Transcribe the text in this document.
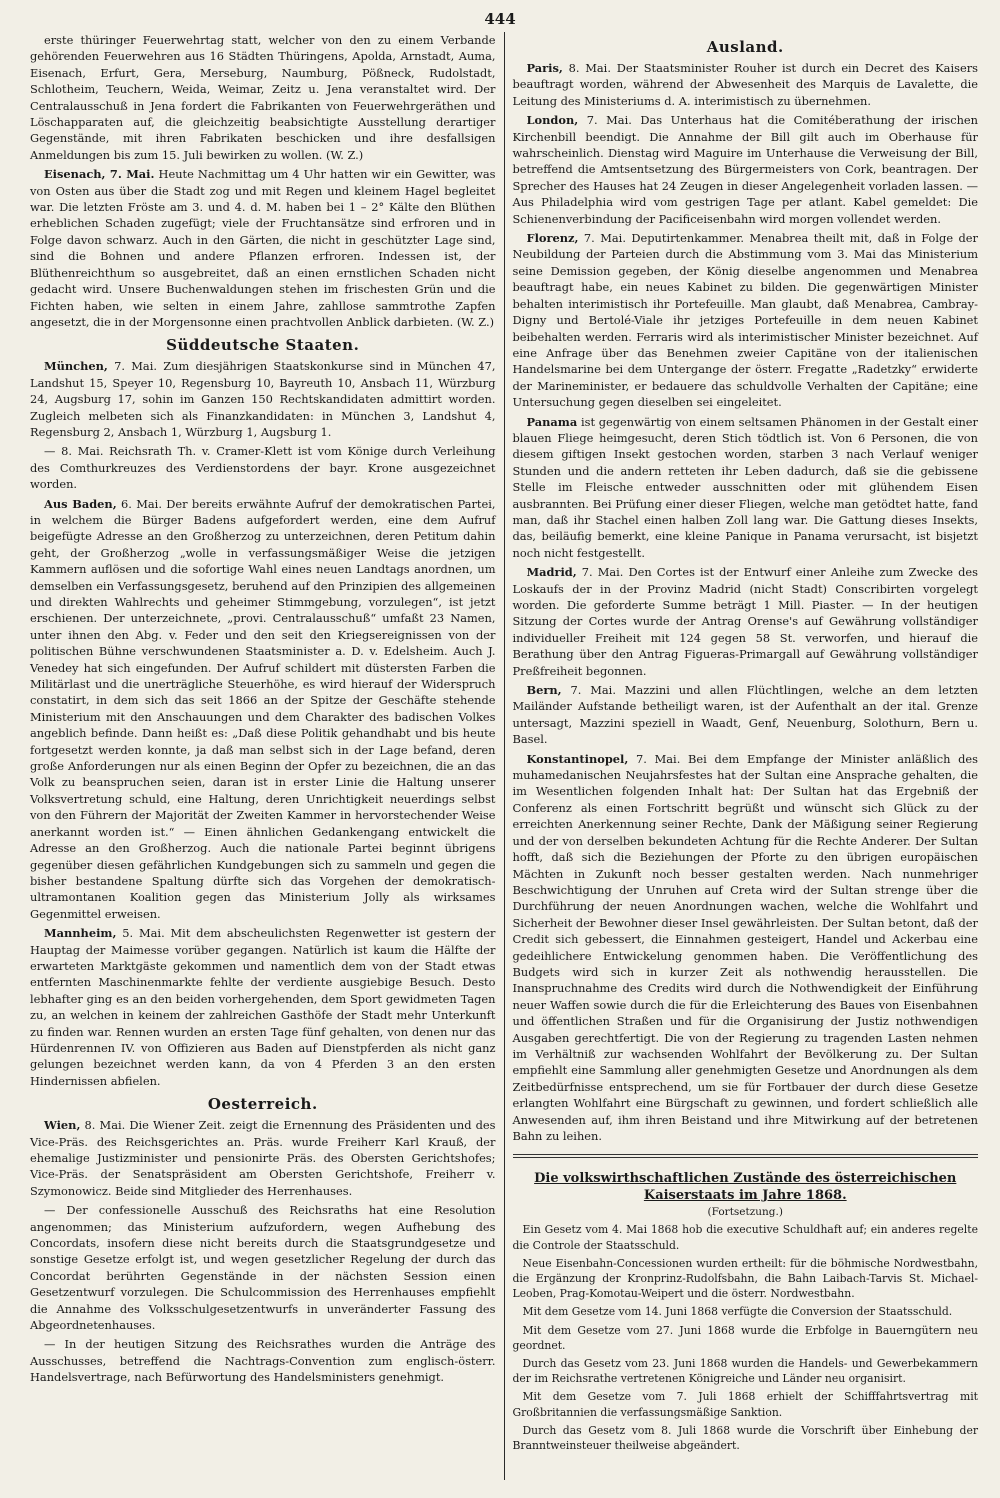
444

erste thüringer Feuerwehrtag statt, welcher von den zu einem Verbande gehörenden Feuerwehren aus 16 Städten Thüringens, Apolda, Arnstadt, Auma, Eisenach, Erfurt, Gera, Merseburg, Naumburg, Pößneck, Rudolstadt, Schlotheim, Teuchern, Weida, Weimar, Zeitz u. Jena veranstaltet wird. Der Centralausschuß in Jena fordert die Fabrikanten von Feuerwehrgeräthen und Löschapparaten auf, die gleichzeitig beabsichtigte Ausstellung derartiger Gegenstände, mit ihren Fabrikaten beschicken und ihre desfallsigen Anmeldungen bis zum 15. Juli bewirken zu wollen. (W. Z.)

Eisenach, 7. Mai. Heute Nachmittag um 4 Uhr hatten wir ein Gewitter, was von Osten aus über die Stadt zog und mit Regen und kleinem Hagel begleitet war. Die letzten Fröste am 3. und 4. d. M. haben bei 1 – 2° Kälte den Blüthen erheblichen Schaden zugefügt; viele der Fruchtansätze sind erfroren und in Folge davon schwarz. Auch in den Gärten, die nicht in geschützter Lage sind, sind die Bohnen und andere Pflanzen erfroren. Indessen ist, der Blüthenreichthum so ausgebreitet, daß an einen ernstlichen Schaden nicht gedacht wird. Unsere Buchenwaldungen stehen im frischesten Grün und die Fichten haben, wie selten in einem Jahre, zahllose sammtrothe Zapfen angesetzt, die in der Morgensonne einen prachtvollen Anblick darbieten. (W. Z.)

Süddeutsche Staaten.

München, 7. Mai. Zum diesjährigen Staatskonkurse sind in München 47, Landshut 15, Speyer 10, Regensburg 10, Bayreuth 10, Ansbach 11, Würzburg 24, Augsburg 17, sohin im Ganzen 150 Rechtskandidaten admittirt worden. Zugleich melbeten sich als Finanzkandidaten: in München 3, Landshut 4, Regensburg 2, Ansbach 1, Würzburg 1, Augsburg 1.

— 8. Mai. Reichsrath Th. v. Cramer-Klett ist vom Könige durch Verleihung des Comthurkreuzes des Verdienstordens der bayr. Krone ausgezeichnet worden.

Aus Baden, 6. Mai. Der bereits erwähnte Aufruf der demokratischen Partei, in welchem die Bürger Badens aufgefordert werden, eine dem Aufruf beigefügte Adresse an den Großherzog zu unterzeichnen, deren Petitum dahin geht, der Großherzog „wolle in verfassungsmäßiger Weise die jetzigen Kammern auflösen und die sofortige Wahl eines neuen Landtags anordnen, um demselben ein Verfassungsgesetz, beruhend auf den Prinzipien des allgemeinen und direkten Wahlrechts und geheimer Stimmgebung, vorzulegen“, ist jetzt erschienen. Der unterzeichnete, „provi. Centralausschuß“ umfaßt 23 Namen, unter ihnen den Abg. v. Feder und den seit den Kriegsereignissen von der politischen Bühne verschwundenen Staatsminister a. D. v. Edelsheim. Auch J. Venedey hat sich eingefunden. Der Aufruf schildert mit düstersten Farben die Militärlast und die unerträgliche Steuerhöhe, es wird hierauf der Widerspruch constatirt, in dem sich das seit 1866 an der Spitze der Geschäfte stehende Ministerium mit den Anschauungen und dem Charakter des badischen Volkes angeblich befinde. Dann heißt es: „Daß diese Politik gehandhabt und bis heute fortgesetzt werden konnte, ja daß man selbst sich in der Lage befand, deren große Anforderungen nur als einen Beginn der Opfer zu bezeichnen, die an das Volk zu beanspruchen seien, daran ist in erster Linie die Haltung unserer Volksvertretung schuld, eine Haltung, deren Unrichtigkeit neuerdings selbst von den Führern der Majorität der Zweiten Kammer in hervorstechender Weise anerkannt worden ist.“ — Einen ähnlichen Gedankengang entwickelt die Adresse an den Großherzog. Auch die nationale Partei beginnt übrigens gegenüber diesen gefährlichen Kundgebungen sich zu sammeln und gegen die bisher bestandene Spaltung dürfte sich das Vorgehen der demokratisch-ultramontanen Koalition gegen das Ministerium Jolly als wirksames Gegenmittel erweisen.

Mannheim, 5. Mai. Mit dem abscheulichsten Regenwetter ist gestern der Hauptag der Maimesse vorüber gegangen. Natürlich ist kaum die Hälfte der erwarteten Marktgäste gekommen und namentlich dem von der Stadt etwas entfernten Maschinenmarkte fehlte der verdiente ausgiebige Besuch. Desto lebhafter ging es an den beiden vorhergehenden, dem Sport gewidmeten Tagen zu, an welchen in keinem der zahlreichen Gasthöfe der Stadt mehr Unterkunft zu finden war. Rennen wurden an ersten Tage fünf gehalten, von denen nur das Hürdenrennen IV. von Offizieren aus Baden auf Dienstpferden als nicht ganz gelungen bezeichnet werden kann, da von 4 Pferden 3 an den ersten Hindernissen abfielen.

Oesterreich.

Wien, 8. Mai. Die Wiener Zeit. zeigt die Ernennung des Präsidenten und des Vice-Präs. des Reichsgerichtes an. Präs. wurde Freiherr Karl Krauß, der ehemalige Justizminister und pensionirte Präs. des Obersten Gerichtshofes; Vice-Präs. der Senatspräsident am Obersten Gerichtshofe, Freiherr v. Szymonowicz. Beide sind Mitglieder des Herrenhauses.

— Der confessionelle Ausschuß des Reichsraths hat eine Resolution angenommen; das Ministerium aufzufordern, wegen Aufhebung des Concordats, insofern diese nicht bereits durch die Staatsgrundgesetze und sonstige Gesetze erfolgt ist, und wegen gesetzlicher Regelung der durch das Concordat berührten Gegenstände in der nächsten Session einen Gesetzentwurf vorzulegen. Die Schulcommission des Herrenhauses empfiehlt die Annahme des Volksschulgesetzentwurfs in unveränderter Fassung des Abgeordnetenhauses.

— In der heutigen Sitzung des Reichsrathes wurden die Anträge des Ausschusses, betreffend die Nachtrags-Convention zum englisch-österr. Handelsvertrage, nach Befürwortung des Handelsministers genehmigt.

Ausland.

Paris, 8. Mai. Der Staatsminister Rouher ist durch ein Decret des Kaisers beauftragt worden, während der Abwesenheit des Marquis de Lavalette, die Leitung des Ministeriums d. A. interimistisch zu übernehmen.

London, 7. Mai. Das Unterhaus hat die Comitéberathung der irischen Kirchenbill beendigt. Die Annahme der Bill gilt auch im Oberhause für wahrscheinlich. Dienstag wird Maguire im Unterhause die Verweisung der Bill, betreffend die Amtsentsetzung des Bürgermeisters von Cork, beantragen. Der Sprecher des Hauses hat 24 Zeugen in dieser Angelegenheit vorladen lassen. — Aus Philadelphia wird vom gestrigen Tage per atlant. Kabel gemeldet: Die Schienenverbindung der Pacificeisenbahn wird morgen vollendet werden.

Florenz, 7. Mai. Deputirtenkammer. Menabrea theilt mit, daß in Folge der Neubildung der Parteien durch die Abstimmung vom 3. Mai das Ministerium seine Demission gegeben, der König dieselbe angenommen und Menabrea beauftragt habe, ein neues Kabinet zu bilden. Die gegenwärtigen Minister behalten interimistisch ihr Portefeuille. Man glaubt, daß Menabrea, Cambray-Digny und Bertolé-Viale ihr jetziges Portefeuille in dem neuen Kabinet beibehalten werden. Ferraris wird als interimistischer Minister bezeichnet. Auf eine Anfrage über das Benehmen zweier Capitäne von der italienischen Handelsmarine bei dem Untergange der österr. Fregatte „Radetzky“ erwiderte der Marineminister, er bedauere das schuldvolle Verhalten der Capitäne; eine Untersuchung gegen dieselben sei eingeleitet.

Panama ist gegenwärtig von einem seltsamen Phänomen in der Gestalt einer blauen Fliege heimgesucht, deren Stich tödtlich ist. Von 6 Personen, die von diesem giftigen Insekt gestochen worden, starben 3 nach Verlauf weniger Stunden und die andern retteten ihr Leben dadurch, daß sie die gebissene Stelle im Fleische entweder ausschnitten oder mit glühendem Eisen ausbrannten. Bei Prüfung einer dieser Fliegen, welche man getödtet hatte, fand man, daß ihr Stachel einen halben Zoll lang war. Die Gattung dieses Insekts, das, beiläufig bemerkt, eine kleine Panique in Panama verursacht, ist bisjetzt noch nicht festgestellt.

Madrid, 7. Mai. Den Cortes ist der Entwurf einer Anleihe zum Zwecke des Loskaufs der in der Provinz Madrid (nicht Stadt) Conscribirten vorgelegt worden. Die geforderte Summe beträgt 1 Mill. Piaster. — In der heutigen Sitzung der Cortes wurde der Antrag Orense's auf Gewährung vollständiger individueller Freiheit mit 124 gegen 58 St. verworfen, und hierauf die Berathung über den Antrag Figueras-Primargall auf Gewährung vollständiger Preßfreiheit begonnen.

Bern, 7. Mai. Mazzini und allen Flüchtlingen, welche an dem letzten Mailänder Aufstande betheiligt waren, ist der Aufenthalt an der ital. Grenze untersagt, Mazzini speziell in Waadt, Genf, Neuenburg, Solothurn, Bern u. Basel.

Konstantinopel, 7. Mai. Bei dem Empfange der Minister anläßlich des muhamedanischen Neujahrsfestes hat der Sultan eine Ansprache gehalten, die im Wesentlichen folgenden Inhalt hat: Der Sultan hat das Ergebniß der Conferenz als einen Fortschritt begrüßt und wünscht sich Glück zu der erreichten Anerkennung seiner Rechte, Dank der Mäßigung seiner Regierung und der von derselben bekundeten Achtung für die Rechte Anderer. Der Sultan hofft, daß sich die Beziehungen der Pforte zu den übrigen europäischen Mächten in Zukunft noch besser gestalten werden. Nach nunmehriger Beschwichtigung der Unruhen auf Creta wird der Sultan strenge über die Durchführung der neuen Anordnungen wachen, welche die Wohlfahrt und Sicherheit der Bewohner dieser Insel gewährleisten. Der Sultan betont, daß der Credit sich gebessert, die Einnahmen gesteigert, Handel und Ackerbau eine gedeihlichere Entwickelung genommen haben. Die Veröffentlichung des Budgets wird sich in kurzer Zeit als nothwendig herausstellen. Die Inanspruchnahme des Credits wird durch die Nothwendigkeit der Einführung neuer Waffen sowie durch die für die Erleichterung des Baues von Eisenbahnen und öffentlichen Straßen und für die Organisirung der Justiz nothwendigen Ausgaben gerechtfertigt. Die von der Regierung zu tragenden Lasten nehmen im Verhältniß zur wachsenden Wohlfahrt der Bevölkerung zu. Der Sultan empfiehlt eine Sammlung aller genehmigten Gesetze und Anordnungen als dem Zeitbedürfnisse entsprechend, um sie für Fortbauer der durch diese Gesetze erlangten Wohlfahrt eine Bürgschaft zu gewinnen, und fordert schließlich alle Anwesenden auf, ihm ihren Beistand und ihre Mitwirkung auf der betretenen Bahn zu leihen.

Die volkswirthschaftlichen Zustände des österreichischen Kaiserstaats im Jahre 1868.
(Fortsetzung.)

Ein Gesetz vom 4. Mai 1868 hob die executive Schuldhaft auf; ein anderes regelte die Controle der Staatsschuld.

Neue Eisenbahn-Concessionen wurden ertheilt: für die böhmische Nordwestbahn, die Ergänzung der Kronprinz-Rudolfsbahn, die Bahn Laibach-Tarvis St. Michael-Leoben, Prag-Komotau-Weipert und die österr. Nordwestbahn.

Mit dem Gesetze vom 14. Juni 1868 verfügte die Conversion der Staatsschuld.

Mit dem Gesetze vom 27. Juni 1868 wurde die Erbfolge in Bauerngütern neu geordnet.

Durch das Gesetz vom 23. Juni 1868 wurden die Handels- und Gewerbekammern der im Reichsrathe vertretenen Königreiche und Länder neu organisirt.

Mit dem Gesetze vom 7. Juli 1868 erhielt der Schifffahrtsvertrag mit Großbritannien die verfassungsmäßige Sanktion.

Durch das Gesetz vom 8. Juli 1868 wurde die Vorschrift über Einhebung der Branntweinsteuer theilweise abgeändert.
